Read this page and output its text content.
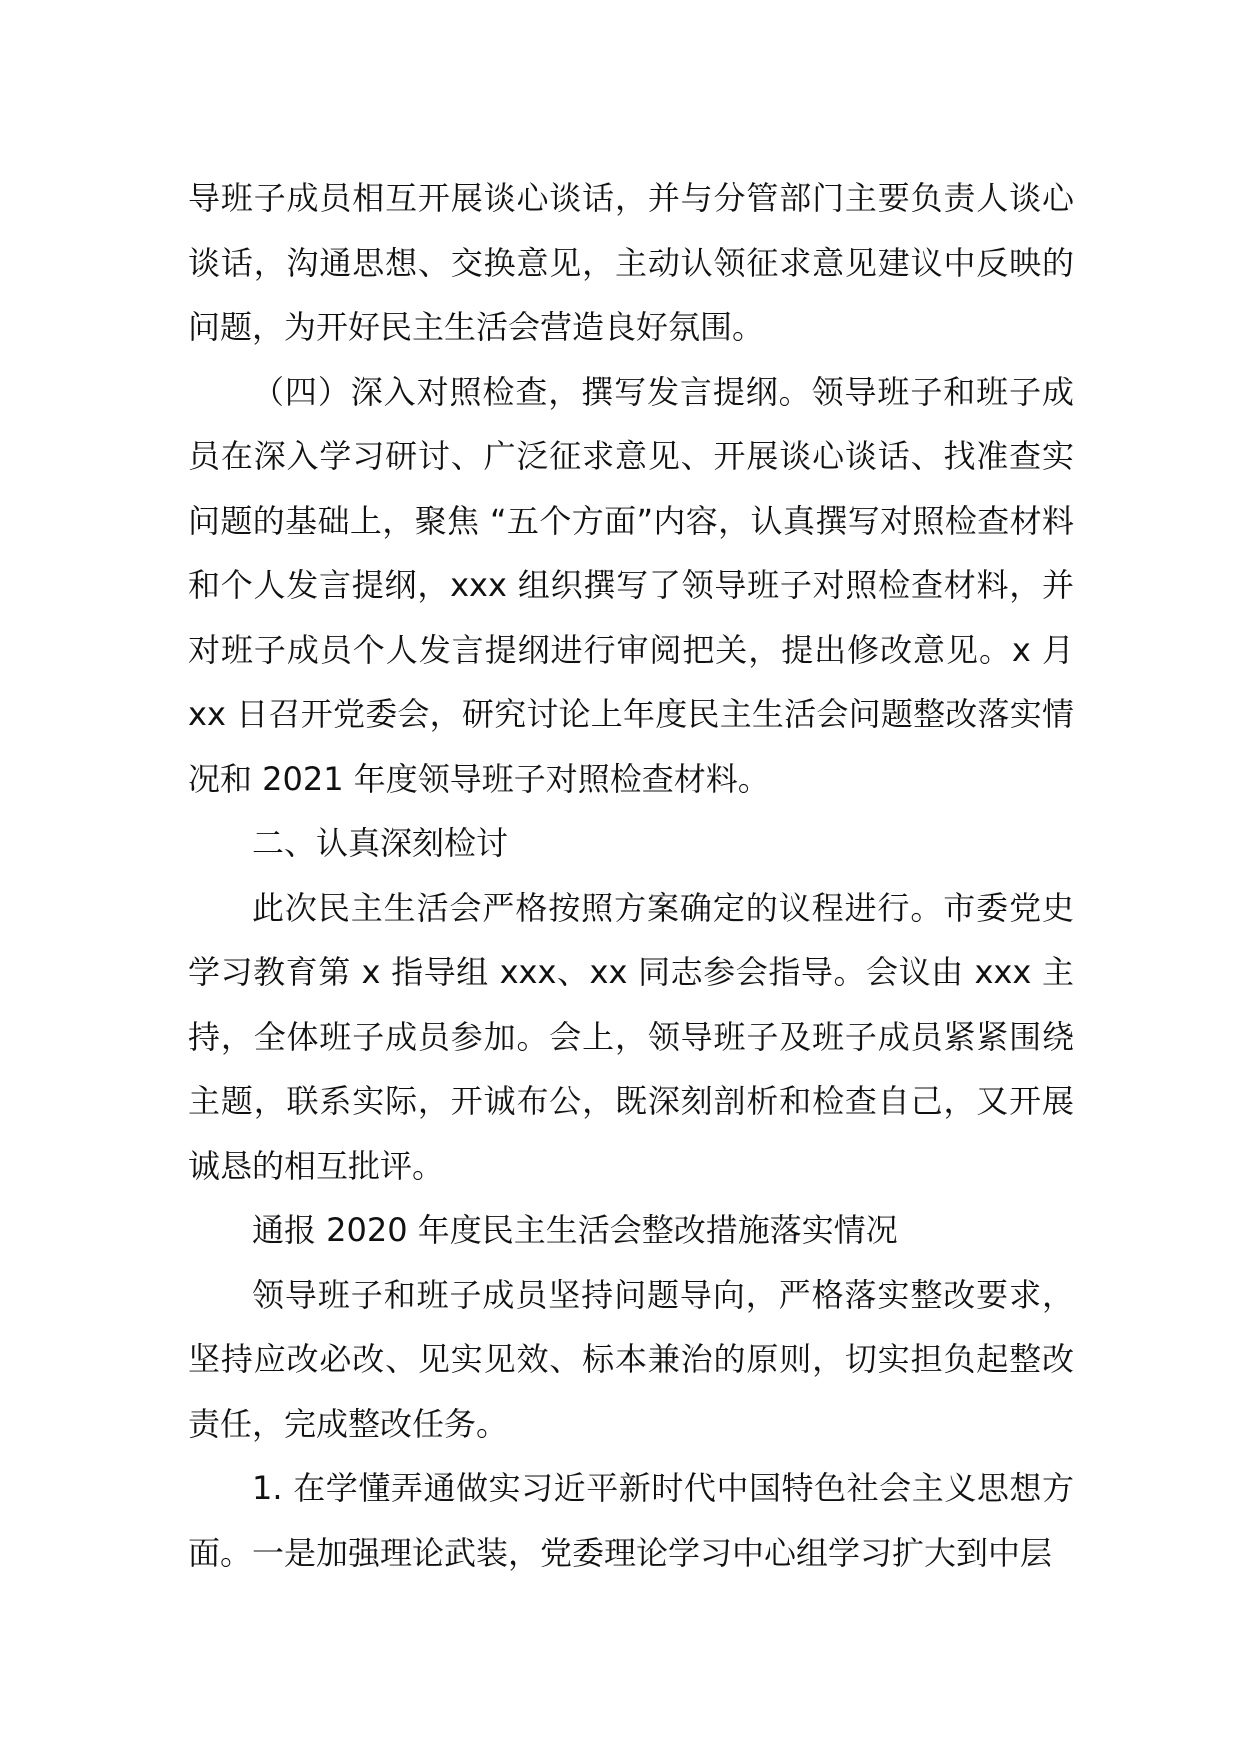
导班子成员相互开展谈心谈话，并与分管部门主要负责人谈心谈话，沟通思想、交换意见，主动认领征求意见建议中反映的问题，为开好民主生活会营造良好氛围。

（四）深入对照检查，撰写发言提纲。领导班子和班子成员在深入学习研讨、广泛征求意见、开展谈心谈话、找准查实问题的基础上，聚焦 “五个方面”内容，认真撰写对照检查材料和个人发言提纲，xxx 组织撰写了领导班子对照检查材料，并对班子成员个人发言提纲进行审阅把关，提出修改意见。x 月 xx 日召开党委会，研究讨论上年度民主生活会问题整改落实情况和 2021 年度领导班子对照检查材料。

二、认真深刻检讨

此次民主生活会严格按照方案确定的议程进行。市委党史学习教育第 x 指导组 xxx、xx 同志参会指导。会议由 xxx 主持，全体班子成员参加。会上，领导班子及班子成员紧紧围绕主题，联系实际，开诚布公，既深刻剖析和检查自己，又开展诚恳的相互批评。

通报 2020 年度民主生活会整改措施落实情况

领导班子和班子成员坚持问题导向，严格落实整改要求，坚持应改必改、见实见效、标本兼治的原则，切实担负起整改责任，完成整改任务。

1. 在学懂弄通做实习近平新时代中国特色社会主义思想方面。一是加强理论武装，党委理论学习中心组学习扩大到中层
